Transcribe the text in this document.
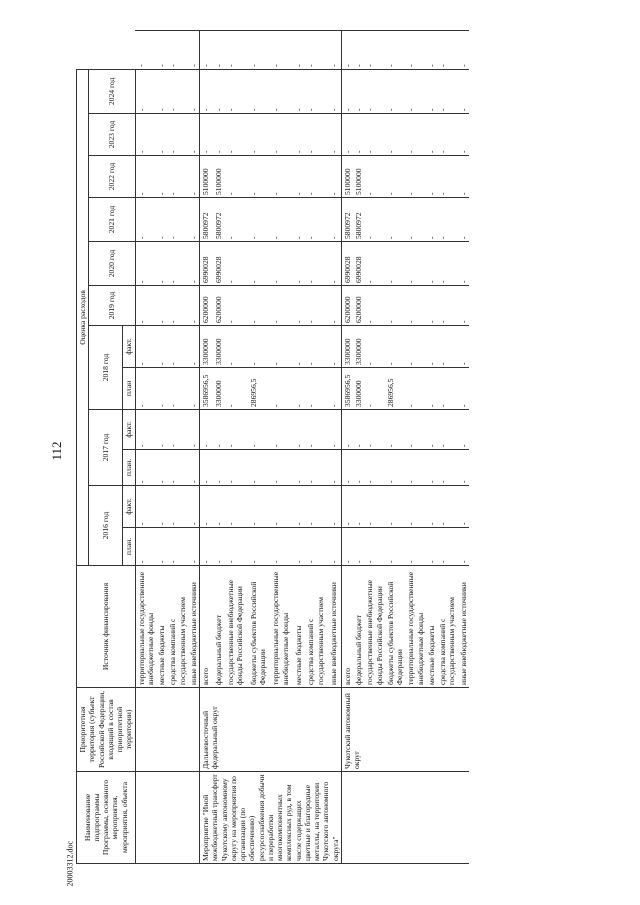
112
20003312.doc
Наименование подпрограммы Программы, основного мероприятия, мероприятия, объекта	Приоритетная территория (субъект Российской Федерации, входящий в состав приоритетной территории)	Источник финансирования	Оценка расходов												
			2016 год		2017 год		2018 год		2019 год	2020 год	2021 год	2022 год	2023 год	2024 год	
			план.	факт.	план.	факт.	план	факт.							
		территориальные государственные внебюджетные фонды	-	-	-	-	-	-	-	-	-	-	-	-	-
		местные бюджеты	-	-	-	-	-	-	-	-	-	-	-	-	-
		средства компаний с государственным участием	-	-	-	-	-	-	-	-	-	-	-	-	-
		иные внебюджетные источники	-	-	-	-	-	-	-	-	-	-	-	-	-
Мероприятие "Иной межбюджетный трансферт Чукотскому автономному округу на мероприятия по организации (по обеспечению) ресурсоснабжения добычи и переработки многокомпонентных комплексных руд, в том числе содержащих цветные и благородные металлы, на территории Чукотского автономного округа"	Дальневосточный федеральный округ	всего	-	-	-	-	3586956,5	3300000	6200000	6990028	5800972	5100000	-	-	-
		федеральный бюджет	-	-	-	-	3300000	3300000	6200000	6990028	5800972	5100000	-	-	-
		государственные внебюджетные фонды Российской Федерации	-	-	-	-	-	-	-	-	-	-	-	-	-
		бюджеты субъектов Российской Федерации	-	-	-	-	286956,5	-	-	-	-	-	-	-	-
		территориальные государственные внебюджетные фонды	-	-	-	-	-	-	-	-	-	-	-	-	-
		местные бюджеты	-	-	-	-	-	-	-	-	-	-	-	-	-
		средства компаний с государственным участием	-	-	-	-	-	-	-	-	-	-	-	-	-
		иные внебюджетные источники	-	-	-	-	-	-	-	-	-	-	-	-	-
	Чукотский автономный округ	всего	-	-	-	-	3586956,5	3300000	6200000	6990028	5800972	5100000	-	-	-
		федеральный бюджет	-	-	-	-	3300000	3300000	6200000	6990028	5800972	5100000	-	-	-
		государственные внебюджетные фонды Российской Федерации	-	-	-	-	-	-	-	-	-	-	-	-	-
		бюджеты субъектов Российской Федерации	-	-	-	-	286956,5	-	-	-	-	-	-	-	-
		территориальные государственные внебюджетные фонды	-	-	-	-	-	-	-	-	-	-	-	-	-
		местные бюджеты	-	-	-	-	-	-	-	-	-	-	-	-	-
		средства компаний с государственным участием	-	-	-	-	-	-	-	-	-	-	-	-	-
		иные внебюджетные источники	-	-	-	-	-	-	-	-	-	-	-	-	-
